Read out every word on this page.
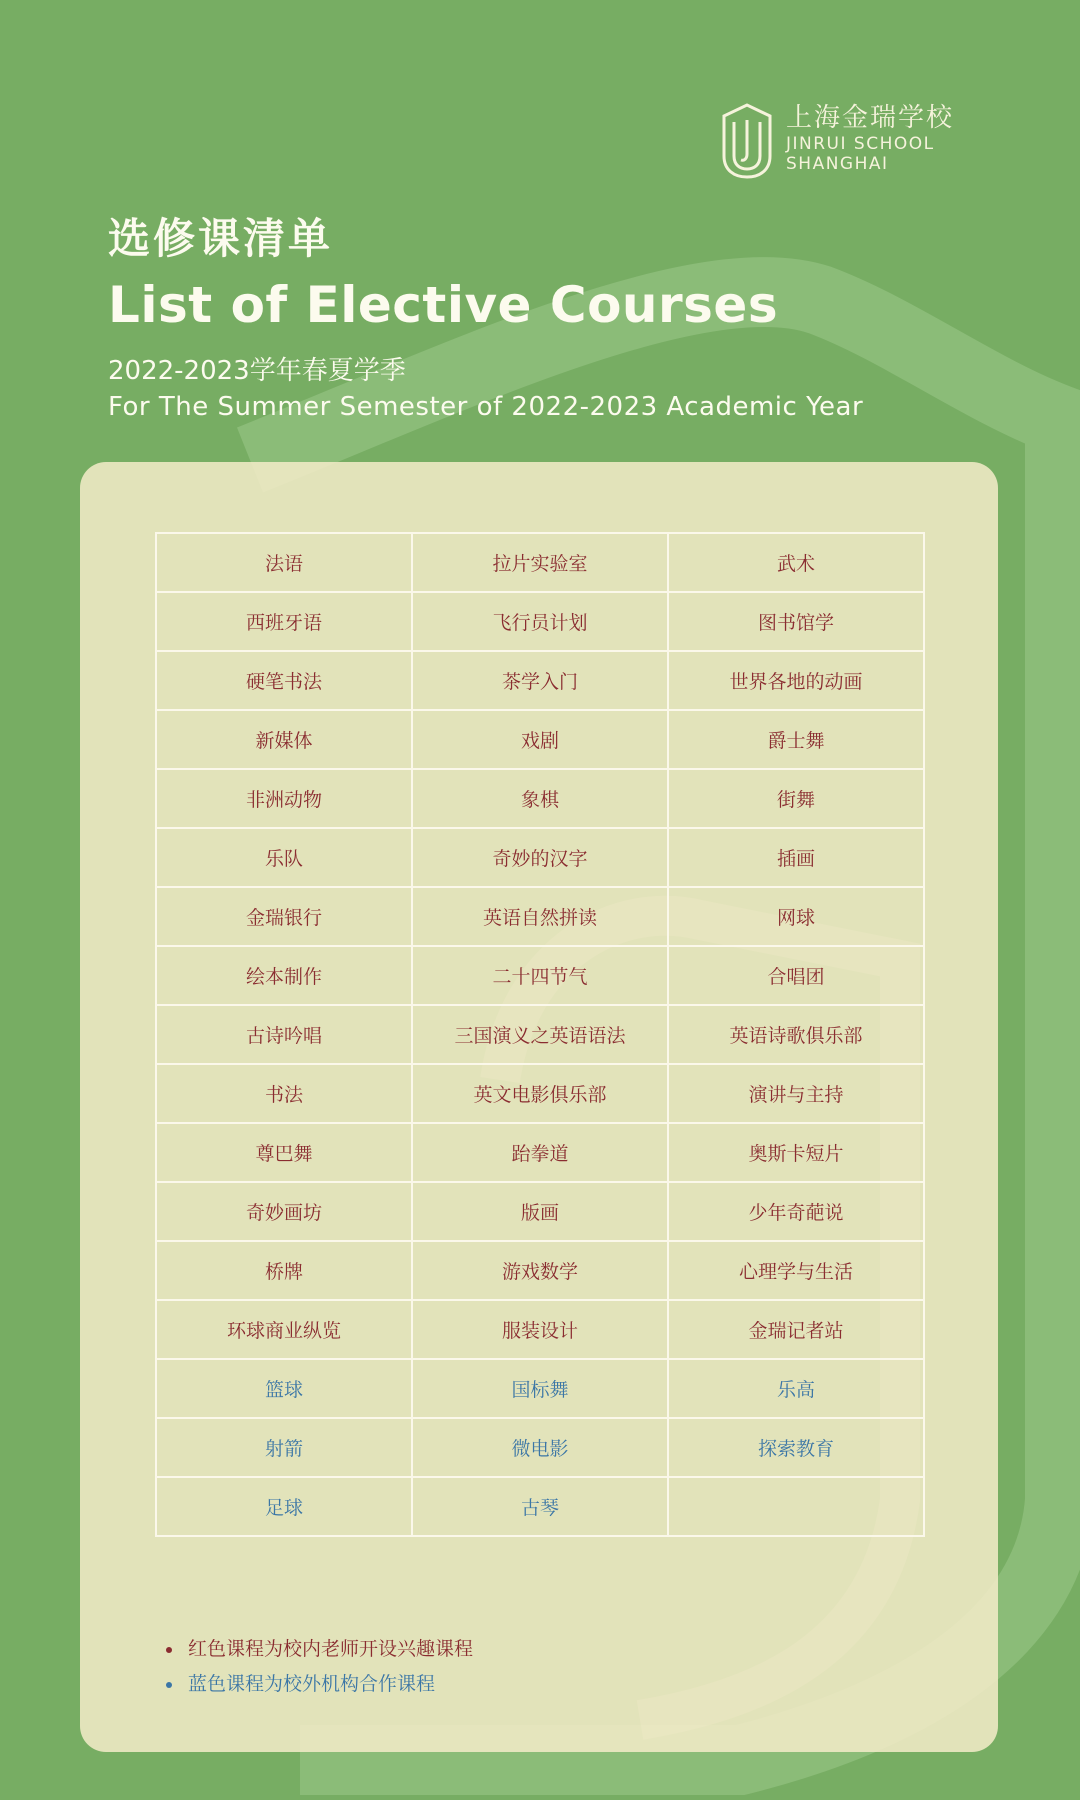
上海金瑞学校
JINRUI SCHOOL
SHANGHAI
选修课清单
List of Elective Courses
2022-2023学年春夏学季
For The Summer Semester of 2022-2023 Academic Year
法语	拉片实验室	武术
西班牙语	飞行员计划	图书馆学
硬笔书法	茶学入门	世界各地的动画
新媒体	戏剧	爵士舞
非洲动物	象棋	街舞
乐队	奇妙的汉字	插画
金瑞银行	英语自然拼读	网球
绘本制作	二十四节气	合唱团
古诗吟唱	三国演义之英语语法	英语诗歌俱乐部
书法	英文电影俱乐部	演讲与主持
尊巴舞	跆拳道	奥斯卡短片
奇妙画坊	版画	少年奇葩说
桥牌	游戏数学	心理学与生活
环球商业纵览	服装设计	金瑞记者站
篮球	国标舞	乐高
射箭	微电影	探索教育
足球	古琴	
红色课程为校内老师开设兴趣课程
蓝色课程为校外机构合作课程
